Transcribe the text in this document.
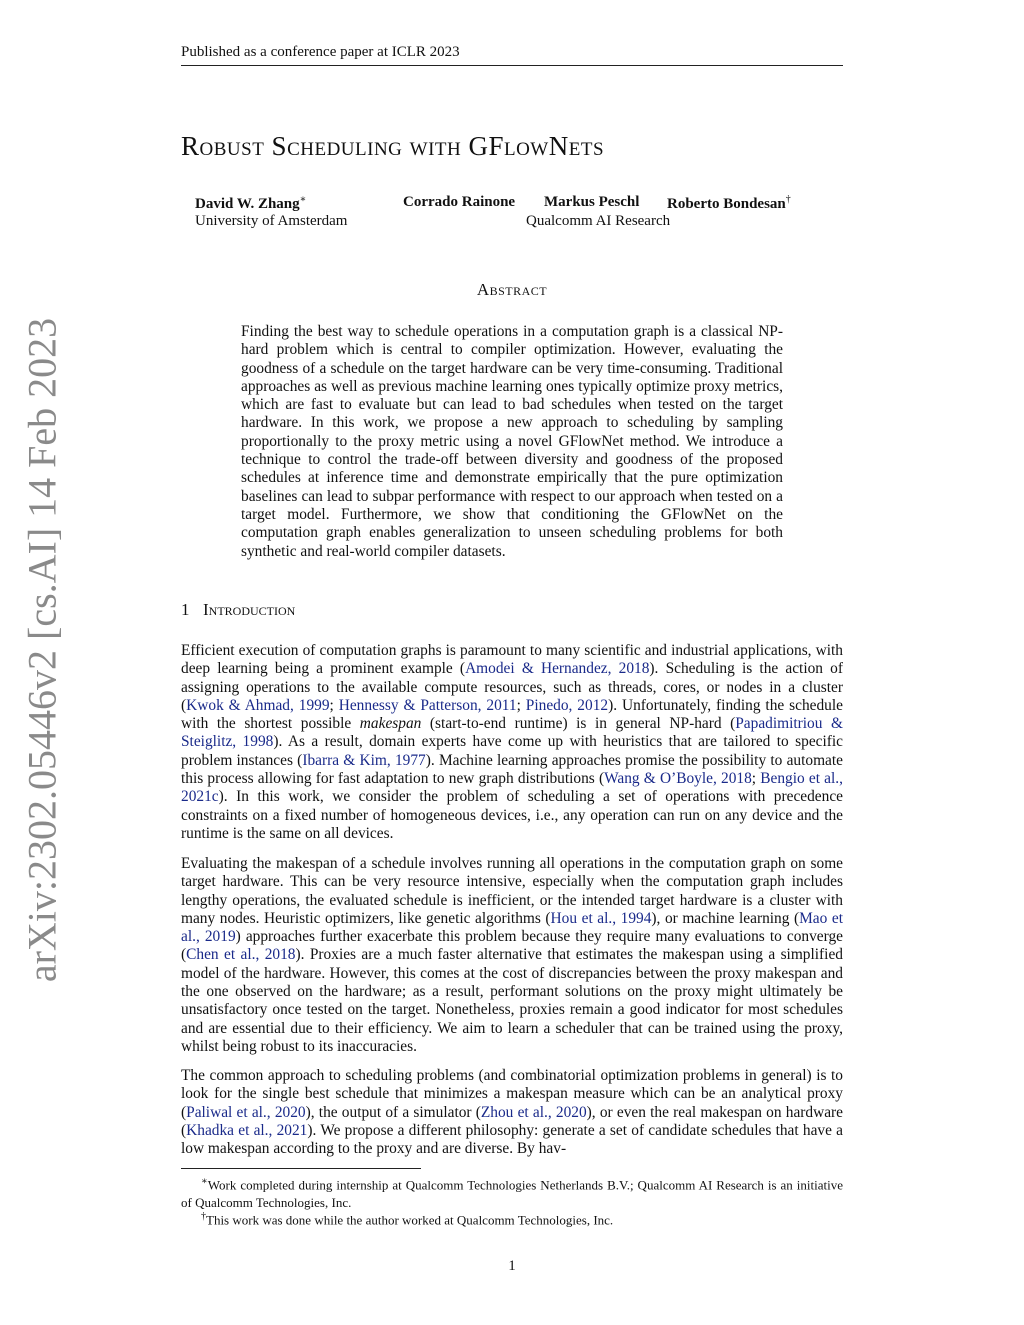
Published as a conference paper at ICLR 2023
arXiv:2302.05446v2 [cs.AI] 14 Feb 2023
Robust Scheduling with GFlowNets
David W. Zhang∗	Corrado Rainone Markus Peschl Roberto Bondesan†
University of Amsterdam	Qualcomm AI Research
Abstract
Finding the best way to schedule operations in a computation graph is a classical NP-hard problem which is central to compiler optimization. However, evaluating the goodness of a schedule on the target hardware can be very time-consuming. Traditional approaches as well as previous machine learning ones typically optimize proxy metrics, which are fast to evaluate but can lead to bad schedules when tested on the target hardware. In this work, we propose a new approach to scheduling by sampling proportionally to the proxy metric using a novel GFlowNet method. We introduce a technique to control the trade-off between diversity and goodness of the proposed schedules at inference time and demonstrate empirically that the pure optimization baselines can lead to subpar performance with respect to our approach when tested on a target model. Furthermore, we show that conditioning the GFlowNet on the computation graph enables generalization to unseen scheduling problems for both synthetic and real-world compiler datasets.
1 Introduction
Efficient execution of computation graphs is paramount to many scientific and industrial applications, with deep learning being a prominent example (Amodei & Hernandez, 2018). Scheduling is the action of assigning operations to the available compute resources, such as threads, cores, or nodes in a cluster (Kwok & Ahmad, 1999; Hennessy & Patterson, 2011; Pinedo, 2012). Unfortunately, finding the schedule with the shortest possible makespan (start-to-end runtime) is in general NP-hard (Papadimitriou & Steiglitz, 1998). As a result, domain experts have come up with heuristics that are tailored to specific problem instances (Ibarra & Kim, 1977). Machine learning approaches promise the possibility to automate this process allowing for fast adaptation to new graph distributions (Wang & O’Boyle, 2018; Bengio et al., 2021c). In this work, we consider the problem of scheduling a set of operations with precedence constraints on a fixed number of homogeneous devices, i.e., any operation can run on any device and the runtime is the same on all devices.
Evaluating the makespan of a schedule involves running all operations in the computation graph on some target hardware. This can be very resource intensive, especially when the computation graph includes lengthy operations, the evaluated schedule is inefficient, or the intended target hardware is a cluster with many nodes. Heuristic optimizers, like genetic algorithms (Hou et al., 1994), or machine learning (Mao et al., 2019) approaches further exacerbate this problem because they require many evaluations to converge (Chen et al., 2018). Proxies are a much faster alternative that estimates the makespan using a simplified model of the hardware. However, this comes at the cost of discrepancies between the proxy makespan and the one observed on the hardware; as a result, performant solutions on the proxy might ultimately be unsatisfactory once tested on the target. Nonetheless, proxies remain a good indicator for most schedules and are essential due to their efficiency. We aim to learn a scheduler that can be trained using the proxy, whilst being robust to its inaccuracies.
The common approach to scheduling problems (and combinatorial optimization problems in general) is to look for the single best schedule that minimizes a makespan measure which can be an analytical proxy (Paliwal et al., 2020), the output of a simulator (Zhou et al., 2020), or even the real makespan on hardware (Khadka et al., 2021). We propose a different philosophy: generate a set of candidate schedules that have a low makespan according to the proxy and are diverse. By hav-
∗Work completed during internship at Qualcomm Technologies Netherlands B.V.; Qualcomm AI Research is an initiative of Qualcomm Technologies, Inc.
†This work was done while the author worked at Qualcomm Technologies, Inc.
1
